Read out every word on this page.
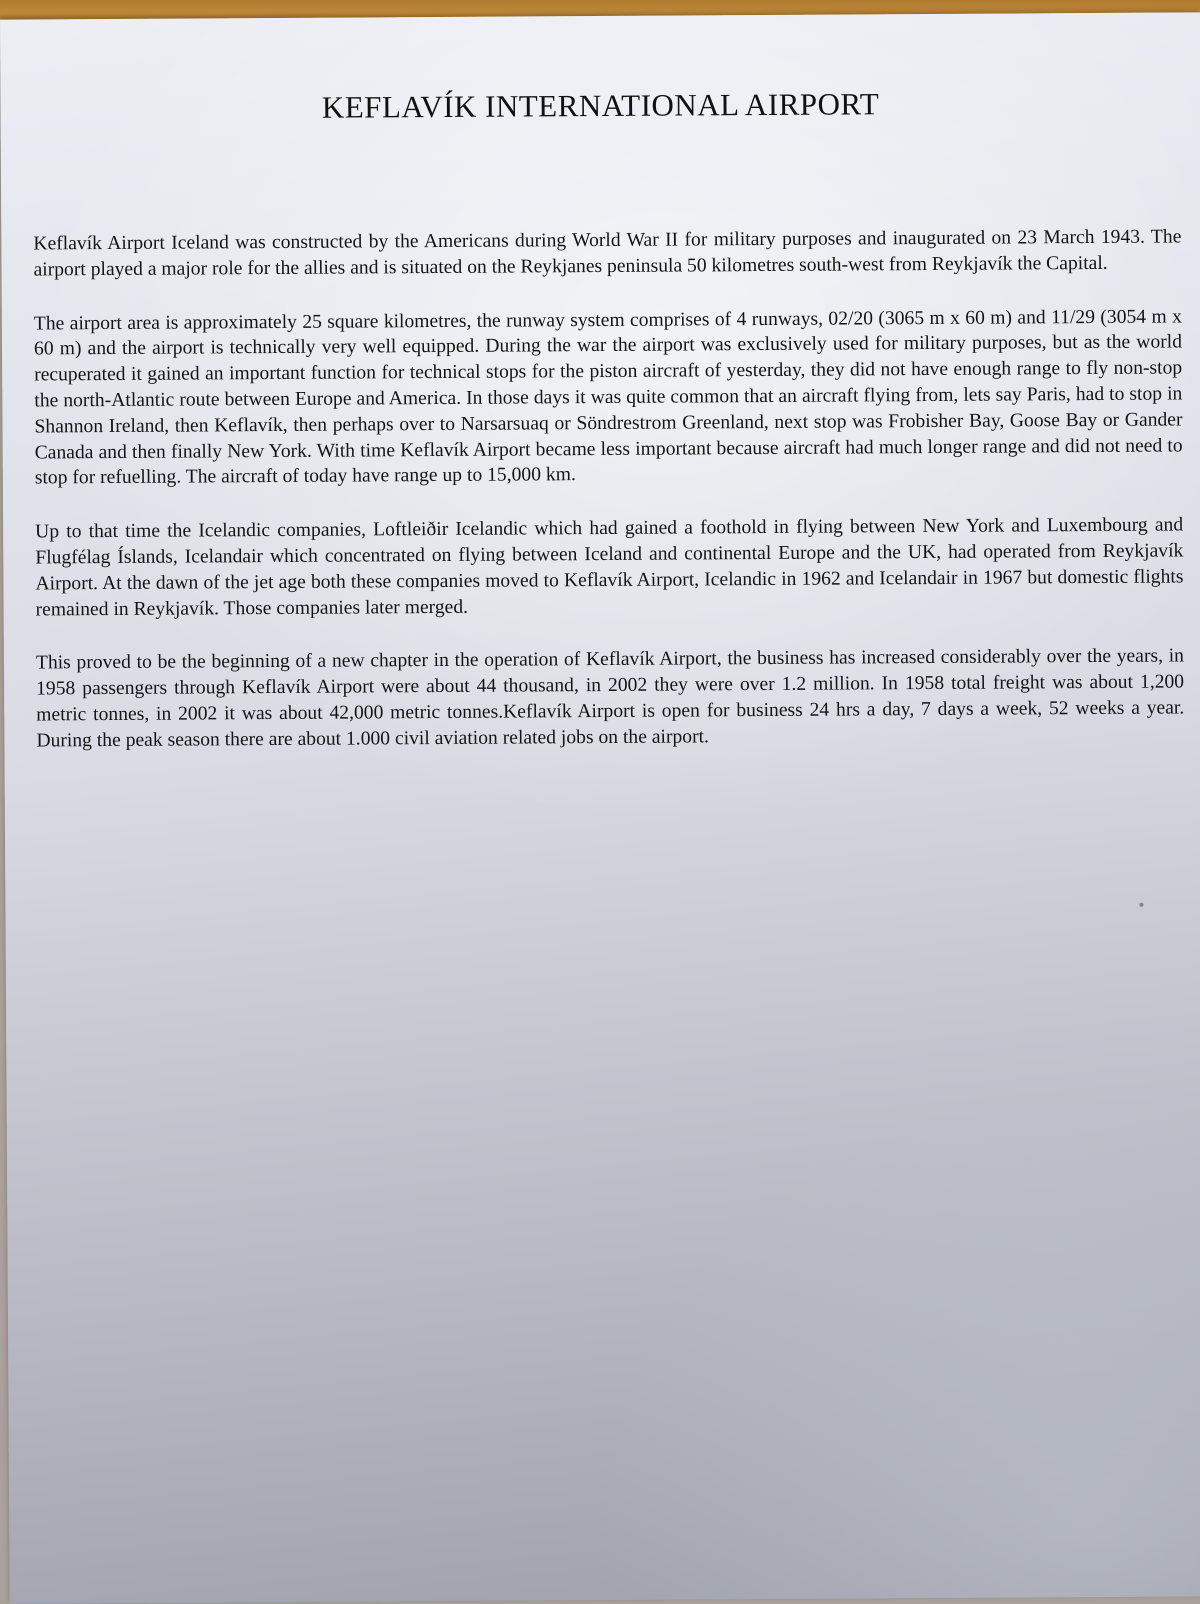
KEFLAVÍK INTERNATIONAL AIRPORT

Keflavík Airport Iceland was constructed by the Americans during World War II for military purposes and inaugurated on 23 March 1943. The airport played a major role for the allies and is situated on the Reykjanes peninsula 50 kilometres south-west from Reykjavík the Capital.

The airport area is approximately 25 square kilometres, the runway system comprises of 4 runways, 02/20 (3065 m x 60 m) and 11/29 (3054 m x 60 m) and the airport is technically very well equipped. During the war the airport was exclusively used for military purposes, but as the world recuperated it gained an important function for technical stops for the piston aircraft of yesterday, they did not have enough range to fly non-stop the north-Atlantic route between Europe and America. In those days it was quite common that an aircraft flying from, lets say Paris, had to stop in Shannon Ireland, then Keflavík, then perhaps over to Narsarsuaq or Söndrestrom Greenland, next stop was Frobisher Bay, Goose Bay or Gander Canada and then finally New York. With time Keflavík Airport became less important because aircraft had much longer range and did not need to stop for refuelling. The aircraft of today have range up to 15,000 km.

Up to that time the Icelandic companies, Loftleiðir Icelandic which had gained a foothold in flying between New York and Luxembourg and Flugfélag Íslands, Icelandair which concentrated on flying between Iceland and continental Europe and the UK, had operated from Reykjavík Airport. At the dawn of the jet age both these companies moved to Keflavík Airport, Icelandic in 1962 and Icelandair in 1967 but domestic flights remained in Reykjavík. Those companies later merged.

This proved to be the beginning of a new chapter in the operation of Keflavík Airport, the business has increased considerably over the years, in 1958 passengers through Keflavík Airport were about 44 thousand, in 2002 they were over 1.2 million. In 1958 total freight was about 1,200 metric tonnes, in 2002 it was about 42,000 metric tonnes.Keflavík Airport is open for business 24 hrs a day, 7 days a week, 52 weeks a year. During the peak season there are about 1.000 civil aviation related jobs on the airport.
